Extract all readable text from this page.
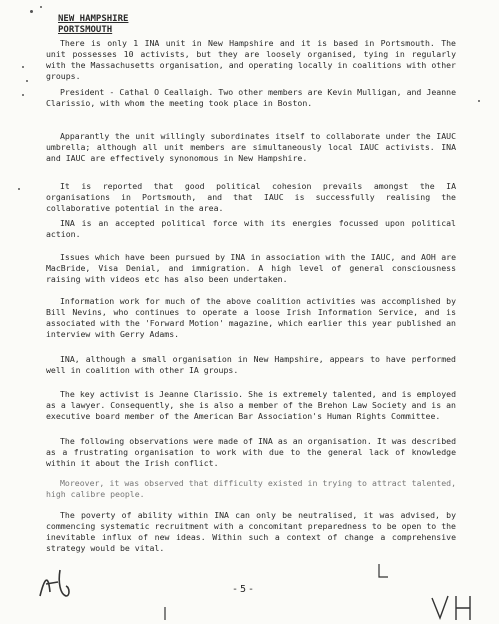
NEW HAMPSHIRE
PORTSMOUTH

There is only 1 INA unit in New Hampshire and it is based in Portsmouth. The unit possesses 10 activists, but they are loosely organised, tying in regularly with the Massachusetts organisation, and operating locally in coalitions with other groups.

President - Cathal O Ceallaigh. Two other members are Kevin Mulligan, and Jeanne Clarissio, with whom the meeting took place in Boston.

Apparantly the unit willingly subordinates itself to collaborate under the IAUC umbrella; although all unit members are simultaneously local IAUC activists. INA and IAUC are effectively synonomous in New Hampshire.

It is reported that good political cohesion prevails amongst the IA organisations in Portsmouth, and that IAUC is successfully realising the collaborative potential in the area.

INA is an accepted political force with its energies focussed upon political action.

Issues which have been pursued by INA in association with the IAUC, and AOH are MacBride, Visa Denial, and immigration. A high level of general consciousness raising with videos etc has also been undertaken.

Information work for much of the above coalition activities was accomplished by Bill Nevins, who continues to operate a loose Irish Information Service, and is associated with the 'Forward Motion' magazine, which earlier this year published an interview with Gerry Adams.

INA, although a small organisation in New Hampshire, appears to have performed well in coalition with other IA groups.

The key activist is Jeanne Clarissio. She is extremely talented, and is employed as a lawyer. Consequently, she is also a member of the Brehon Law Society and is an executive board member of the American Bar Association's Human Rights Committee.

The following observations were made of INA as an organisation. It was described as a frustrating organisation to work with due to the general lack of knowledge within it about the Irish conflict.

Moreover, it was observed that difficulty existed in trying to attract talented, high calibre people.

The poverty of ability within INA can only be neutralised, it was advised, by commencing systematic recruitment with a concomitant preparedness to be open to the inevitable influx of new ideas. Within such a context of change a comprehensive strategy would be vital.

-5-
